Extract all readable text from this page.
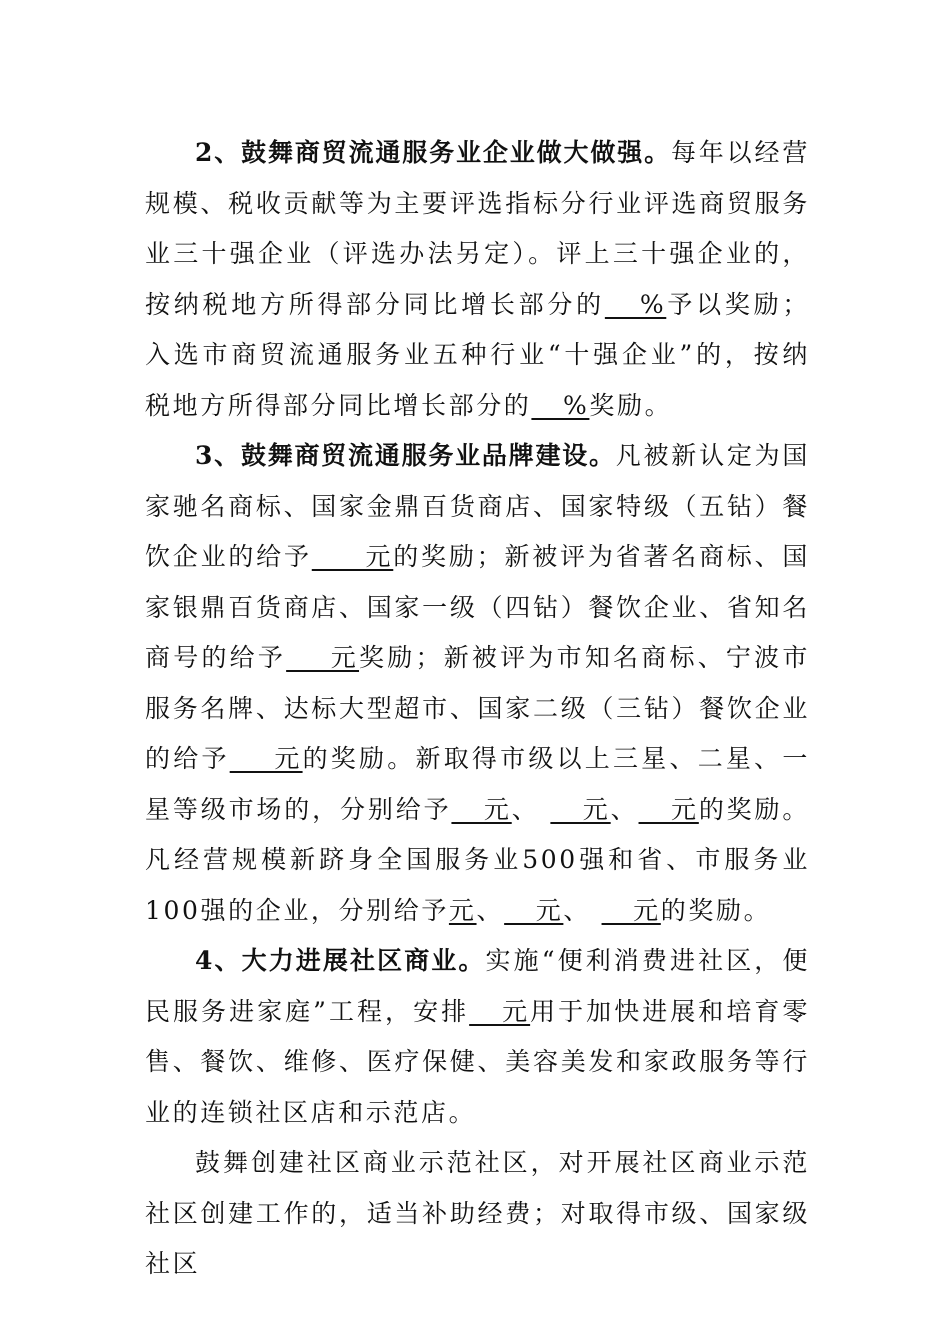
2、鼓舞商贸流通服务业企业做大做强。每年以经营规模、税收贡献等为主要评选指标分行业评选商贸服务业三十强企业（评选办法另定）。评上三十强企业的，按纳税地方所得部分同比增长部分的   %予以奖励；入选市商贸流通服务业五种行业“十强企业”的，按纳税地方所得部分同比增长部分的   %奖励。

3、鼓舞商贸流通服务业品牌建设。凡被新认定为国家驰名商标、国家金鼎百货商店、国家特级（五钻）餐饮企业的给予     元的奖励；新被评为省著名商标、国家银鼎百货商店、国家一级（四钻）餐饮企业、省知名商号的给予    元奖励；新被评为市知名商标、宁波市服务名牌、达标大型超市、国家二级（三钻）餐饮企业的给予    元的奖励。新取得市级以上三星、二星、一星等级市场的，分别给予   元、    元、   元的奖励。凡经营规模新跻身全国服务业500强和省、市服务业100强的企业，分别给予元、   元、    元的奖励。

4、大力进展社区商业。实施“便利消费进社区，便民服务进家庭”工程，安排   元用于加快进展和培育零售、餐饮、维修、医疗保健、美容美发和家政服务等行业的连锁社区店和示范店。

鼓舞创建社区商业示范社区，对开展社区商业示范社区创建工作的，适当补助经费；对取得市级、国家级社区
